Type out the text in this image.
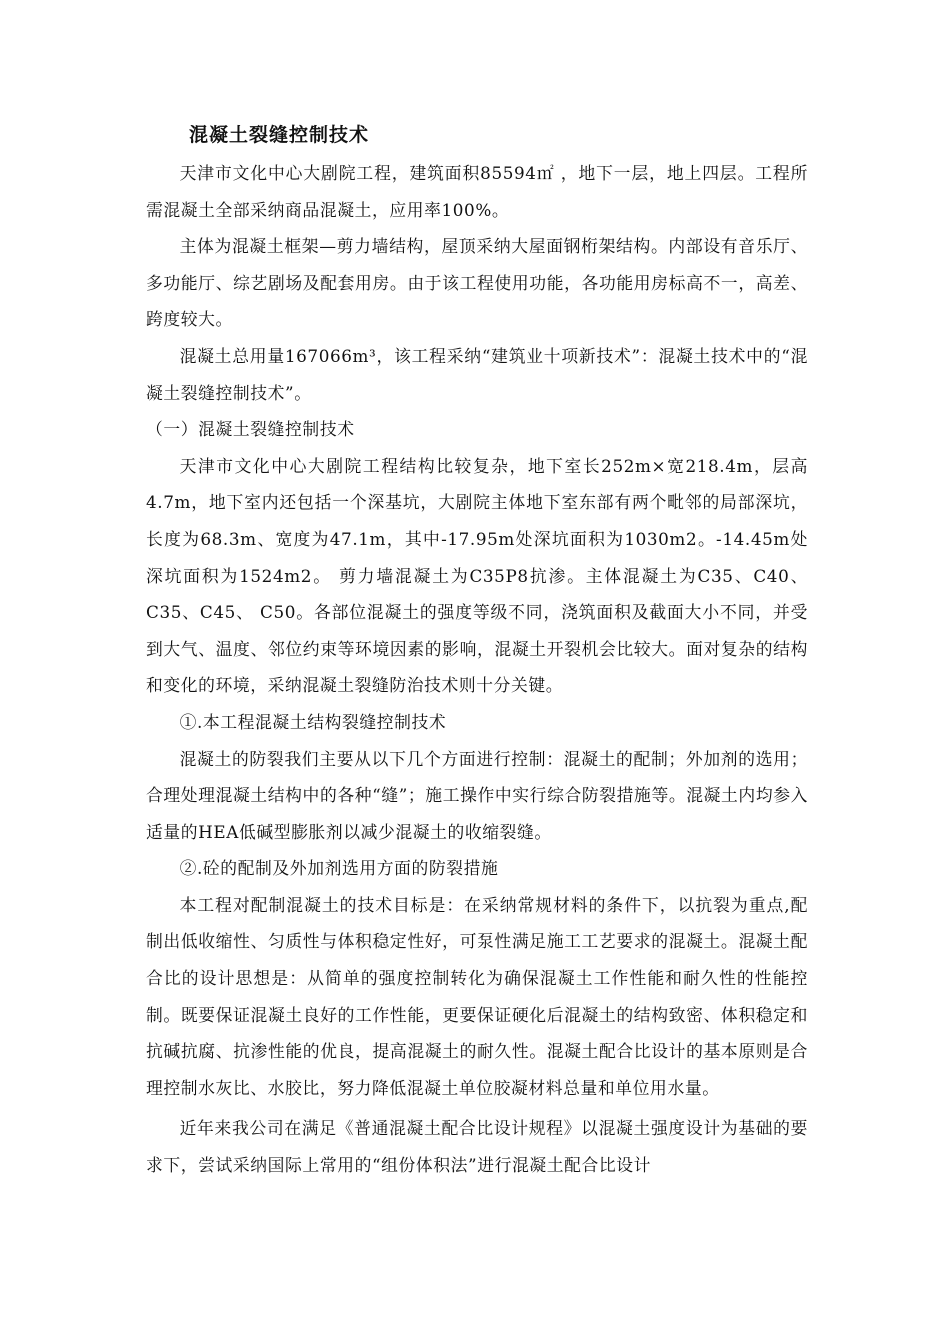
混凝土裂缝控制技术

天津市文化中心大剧院工程，建筑面积85594㎡ ，地下一层，地上四层。工程所需混凝土全部采纳商品混凝土，应用率100%。

主体为混凝土框架—剪力墙结构，屋顶采纳大屋面钢桁架结构。内部设有音乐厅、多功能厅、综艺剧场及配套用房。由于该工程使用功能，各功能用房标高不一，高差、跨度较大。

混凝土总用量167066m³，该工程采纳“建筑业十项新技术”：混凝土技术中的“混凝土裂缝控制技术”。

（一）混凝土裂缝控制技术

天津市文化中心大剧院工程结构比较复杂，地下室长252m×宽218.4m，层高4.7m，地下室内还包括一个深基坑，大剧院主体地下室东部有两个毗邻的局部深坑，长度为68.3m、宽度为47.1m，其中-17.95m处深坑面积为1030m2。-14.45m处深坑面积为1524m2。 剪力墙混凝土为C35P8抗渗。主体混凝土为C35、C40、C35、C45、 C50。各部位混凝土的强度等级不同，浇筑面积及截面大小不同，并受到大气、温度、邻位约束等环境因素的影响，混凝土开裂机会比较大。面对复杂的结构和变化的环境，采纳混凝土裂缝防治技术则十分关键。

①.本工程混凝土结构裂缝控制技术

混凝土的防裂我们主要从以下几个方面进行控制：混凝土的配制；外加剂的选用；合理处理混凝土结构中的各种“缝”；施工操作中实行综合防裂措施等。混凝土内均参入适量的HEA低碱型膨胀剂以减少混凝土的收缩裂缝。

②.砼的配制及外加剂选用方面的防裂措施

本工程对配制混凝土的技术目标是：在采纳常规材料的条件下，以抗裂为重点,配制出低收缩性、匀质性与体积稳定性好，可泵性满足施工工艺要求的混凝土。混凝土配合比的设计思想是：从简单的强度控制转化为确保混凝土工作性能和耐久性的性能控制。既要保证混凝土良好的工作性能，更要保证硬化后混凝土的结构致密、体积稳定和抗碱抗腐、抗渗性能的优良，提高混凝土的耐久性。混凝土配合比设计的基本原则是合理控制水灰比、水胶比，努力降低混凝土单位胶凝材料总量和单位用水量。

近年来我公司在满足《普通混凝土配合比设计规程》以混凝土强度设计为基础的要求下，尝试采纳国际上常用的“组份体积法”进行混凝土配合比设计
